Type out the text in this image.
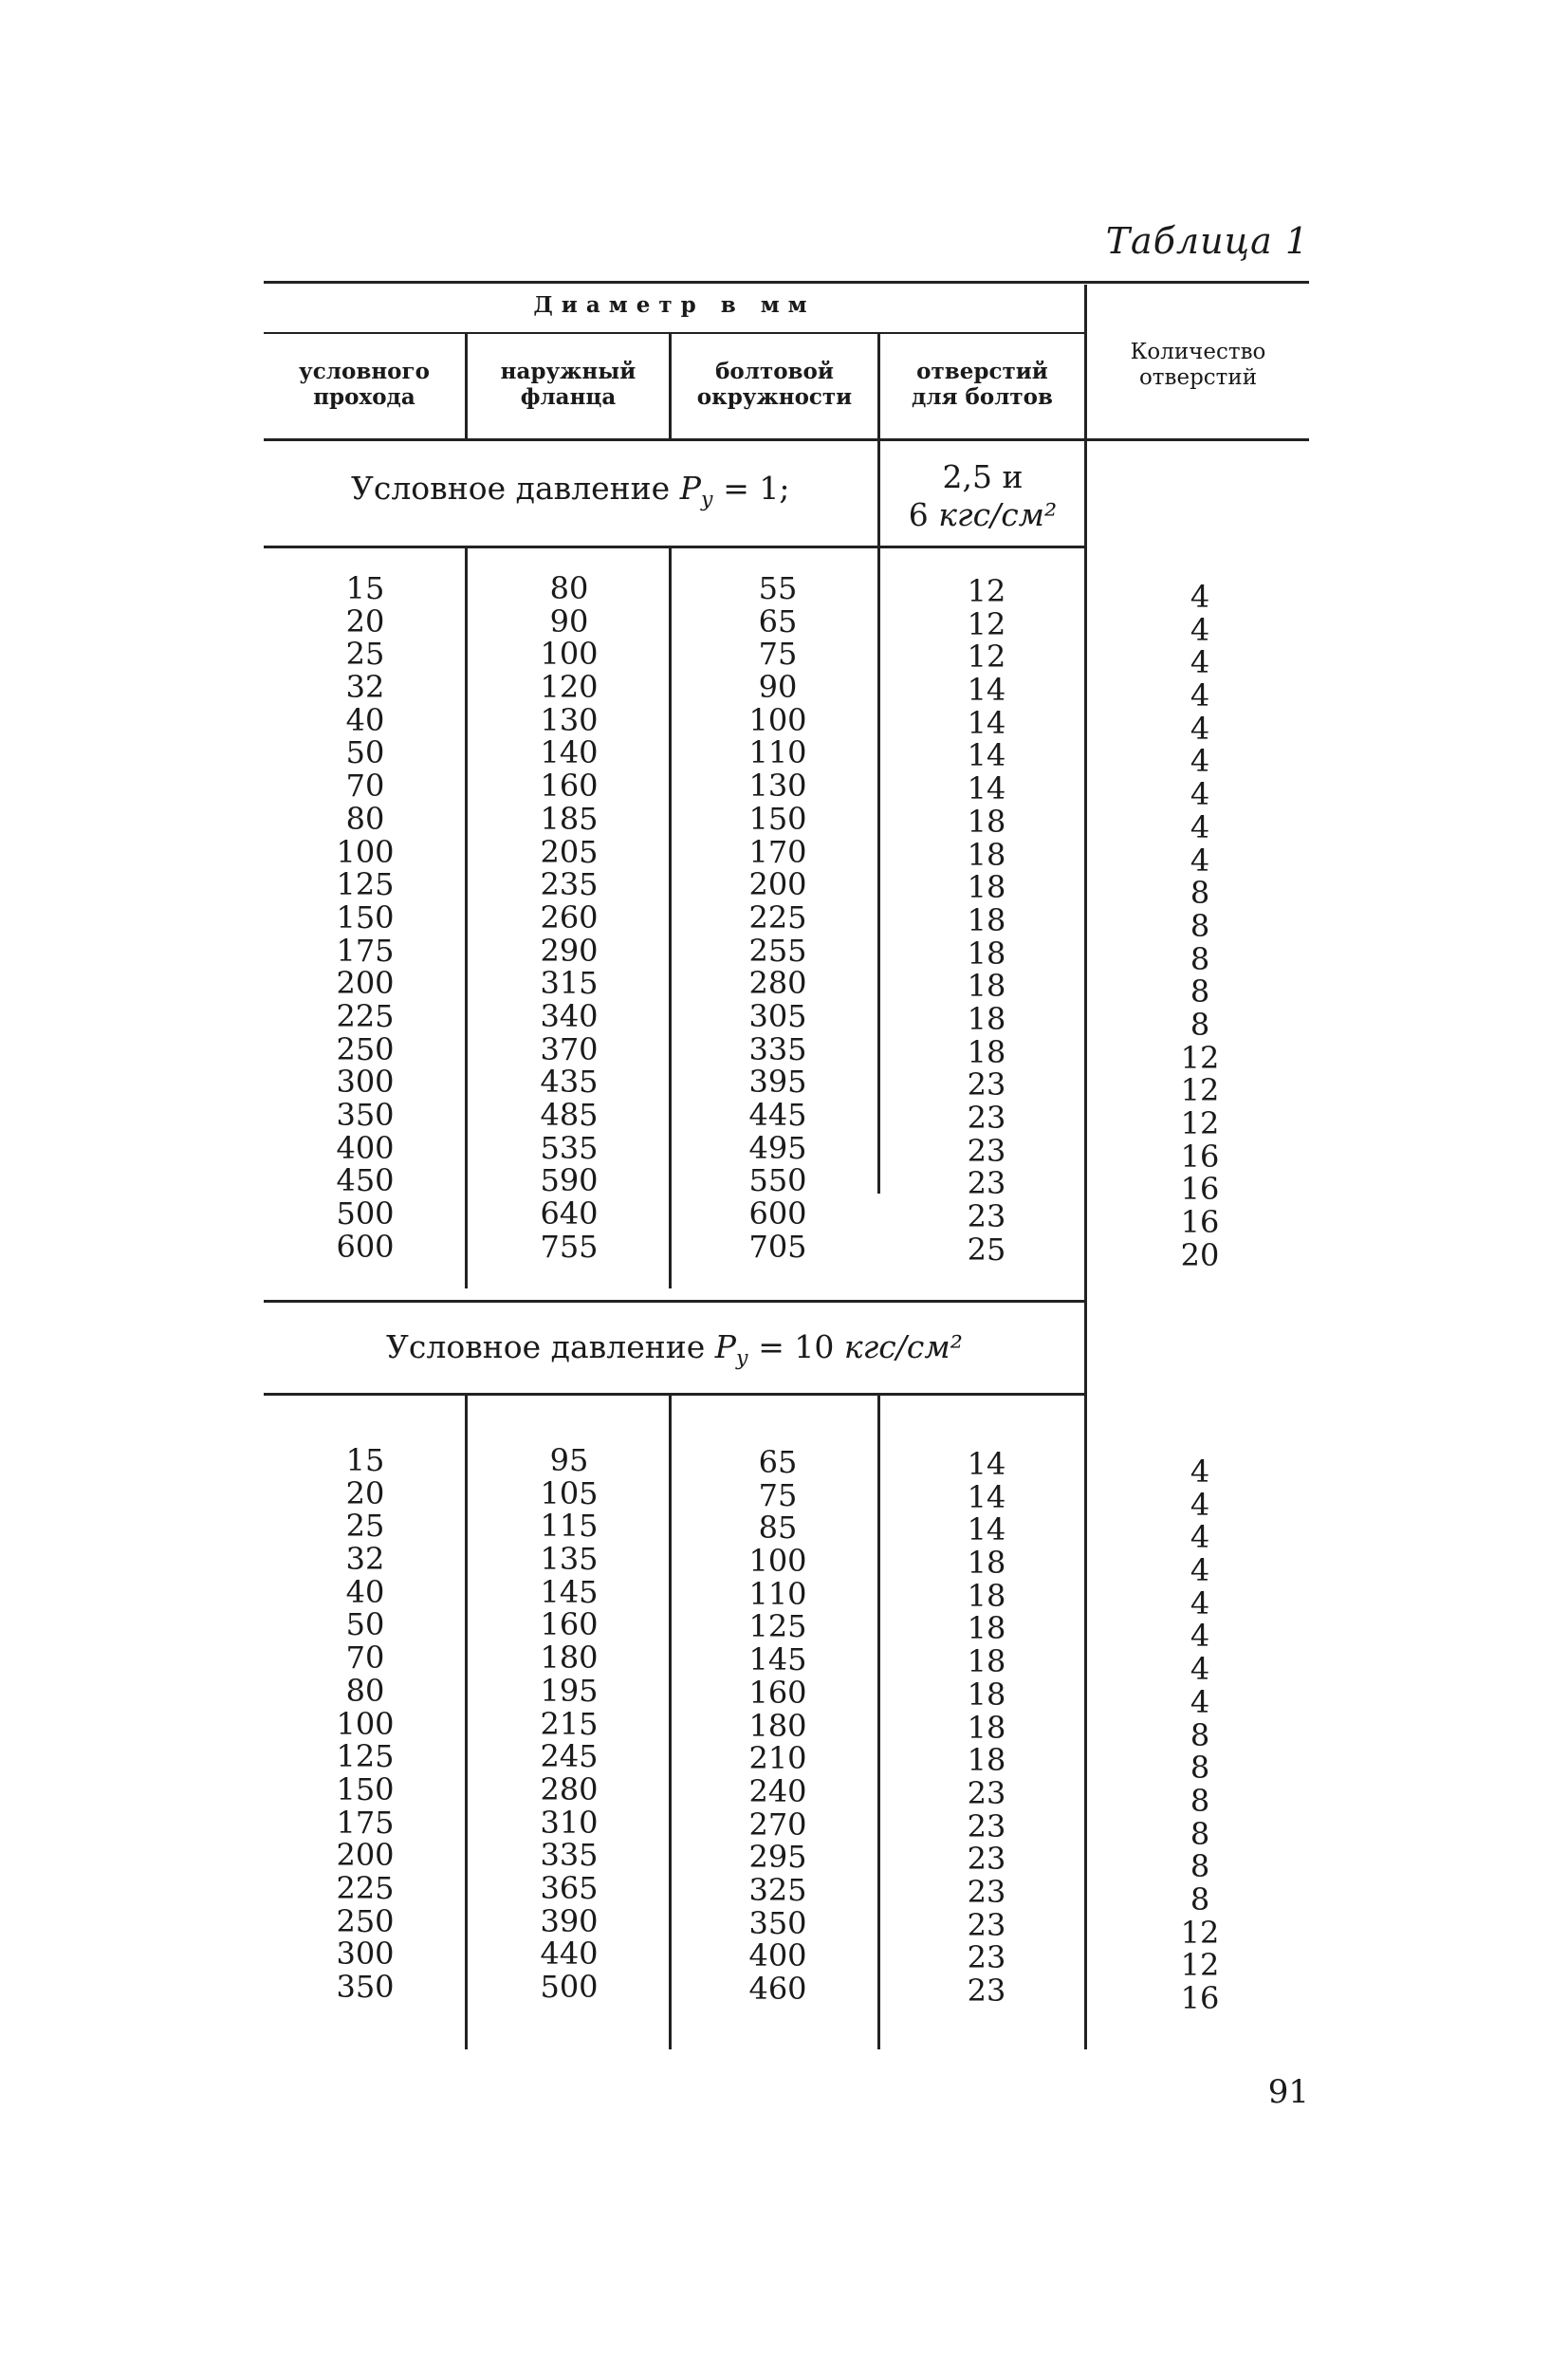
Таблица 1
Диаметр в мм
условного
прохода
наружный
фланца
болтовой
окружности
отверстий
для болтов
Количество
отверстий
Условное давление $P_у = 1$;	2,5 и
6 кгс/см²
15
20
25
32
40
50
70
80
100
125
150
175
200
225
250
300
350
400
450
500
600
80
90
100
120
130
140
160
185
205
235
260
290
315
340
370
435
485
535
590
640
755
55
65
75
90
100
110
130
150
170
200
225
255
280
305
335
395
445
495
550
600
705
12
12
12
14
14
14
14
18
18
18
18
18
18
18
18
23
23
23
23
23
25
4
4
4
4
4
4
4
4
4
8
8
8
8
8
12
12
12
16
16
16
20
Условное давление $P_у = 10$ кгс/см²
15
20
25
32
40
50
70
80
100
125
150
175
200
225
250
300
350
95
105
115
135
145
160
180
195
215
245
280
310
335
365
390
440
500
65
75
85
100
110
125
145
160
180
210
240
270
295
325
350
400
460
14
14
14
18
18
18
18
18
18
18
23
23
23
23
23
23
23
4
4
4
4
4
4
4
4
8
8
8
8
8
8
12
12
16
91
